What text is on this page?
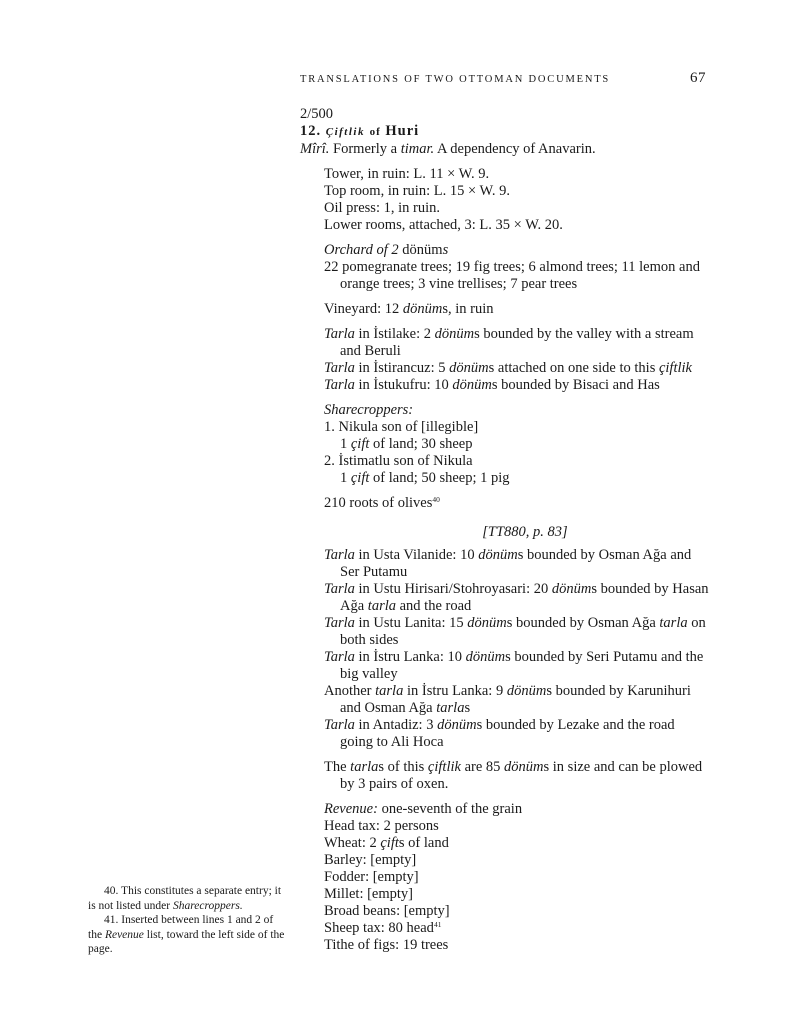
TRANSLATIONS OF TWO OTTOMAN DOCUMENTS	67

2/500

12. Çiftlik of Huri

Mîrî. Formerly a timar. A dependency of Anavarin.

Tower, in ruin: L. 11 × W. 9.

Top room, in ruin: L. 15 × W. 9.

Oil press: 1, in ruin.

Lower rooms, attached, 3: L. 35 × W. 20.

Orchard of 2 dönüms

22 pomegranate trees; 19 fig trees; 6 almond trees; 11 lemon and orange trees; 3 vine trellises; 7 pear trees

Vineyard: 12 dönüms, in ruin

Tarla in İstilake: 2 dönüms bounded by the valley with a stream and Beruli

Tarla in İstirancuz: 5 dönüms attached on one side to this çiftlik

Tarla in İstukufru: 10 dönüms bounded by Bisaci and Has

Sharecroppers:

1. Nikula son of [illegible]

1 çift of land; 30 sheep

2. İstimatlu son of Nikula

1 çift of land; 50 sheep; 1 pig

210 roots of olives$^{40}$

[TT880, p. 83]

Tarla in Usta Vilanide: 10 dönüms bounded by Osman Ağa and Ser Putamu

Tarla in Ustu Hirisari/Stohroyasari: 20 dönüms bounded by Hasan Ağa tarla and the road

Tarla in Ustu Lanita: 15 dönüms bounded by Osman Ağa tarla on both sides

Tarla in İstru Lanka: 10 dönüms bounded by Seri Putamu and the big valley

Another tarla in İstru Lanka: 9 dönüms bounded by Karunihuri and Osman Ağa tarlas

Tarla in Antadiz: 3 dönüms bounded by Lezake and the road going to Ali Hoca

The tarlas of this çiftlik are 85 dönüms in size and can be plowed by 3 pairs of oxen.

Revenue: one-seventh of the grain

Head tax: 2 persons

Wheat: 2 çifts of land

Barley: [empty]

Fodder: [empty]

Millet: [empty]

Broad beans: [empty]

Sheep tax: 80 head$^{41}$

Tithe of figs: 19 trees

40. This constitutes a separate entry; it is not listed under Sharecroppers.

41. Inserted between lines 1 and 2 of the Revenue list, toward the left side of the page.
